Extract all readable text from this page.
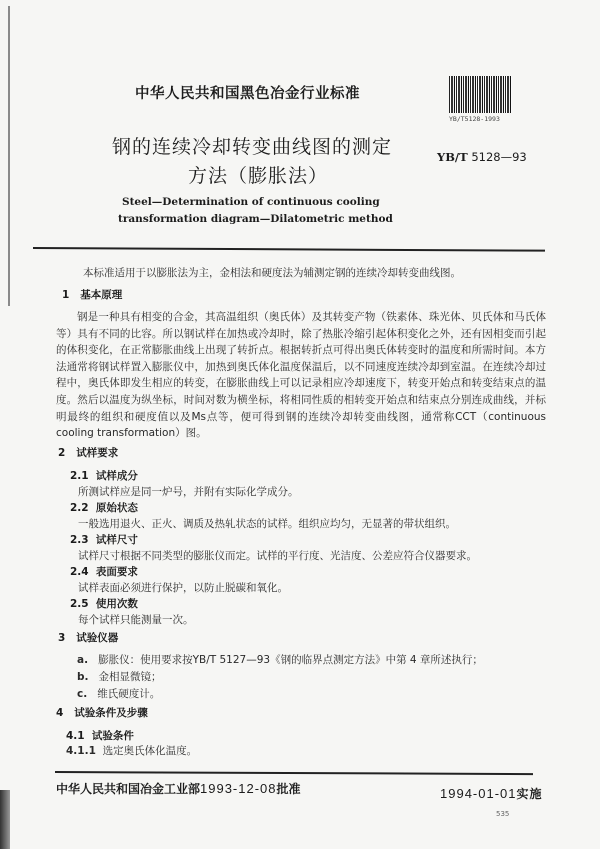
中华人民共和国黑色冶金行业标准
钢的连续冷却转变曲线图的测定
方法（膨胀法）
Steel—Determination of continuous cooling
transformation diagram—Dilatometric method
YB/T5128-1993
YB/T 5128—93
本标准适用于以膨胀法为主，金相法和硬度法为辅测定钢的连续冷却转变曲线图。
1 基本原理
钢是一种具有相变的合金，其高温组织（奥氏体）及其转变产物（铁素体、珠光体、贝氏体和马氏体等）具有不同的比容。所以钢试样在加热或冷却时，除了热胀冷缩引起体积变化之外，还有因相变而引起的体积变化，在正常膨胀曲线上出现了转折点。根据转折点可得出奥氏体转变时的温度和所需时间。本方法通常将钢试样置入膨胀仪中，加热到奥氏体化温度保温后，以不同速度连续冷却到室温。在连续冷却过程中，奥氏体即发生相应的转变，在膨胀曲线上可以记录相应冷却速度下，转变开始点和转变结束点的温度。然后以温度为纵坐标，时间对数为横坐标，将相同性质的相转变开始点和结束点分别连成曲线，并标明最终的组织和硬度值以及Ms点等，便可得到钢的连续冷却转变曲线图，通常称CCT（continuous cooling transformation）图。
2 试样要求
2.1 试样成分
所测试样应是同一炉号，并附有实际化学成分。
2.2 原始状态
一般选用退火、正火、调质及热轧状态的试样。组织应均匀，无显著的带状组织。
2.3 试样尺寸
试样尺寸根据不同类型的膨胀仪而定。试样的平行度、光洁度、公差应符合仪器要求。
2.4 表面要求
试样表面必须进行保护，以防止脱碳和氧化。
2.5 使用次数
每个试样只能测量一次。
3 试验仪器
a. 膨胀仪：使用要求按YB/T 5127—93《钢的临界点测定方法》中第 4 章所述执行；
b. 金相显微镜；
c. 维氏硬度计。
4 试验条件及步骤
4.1 试验条件
4.1.1 选定奥氏体化温度。
中华人民共和国冶金工业部1993-12-08批准	1994-01-01实施
535
